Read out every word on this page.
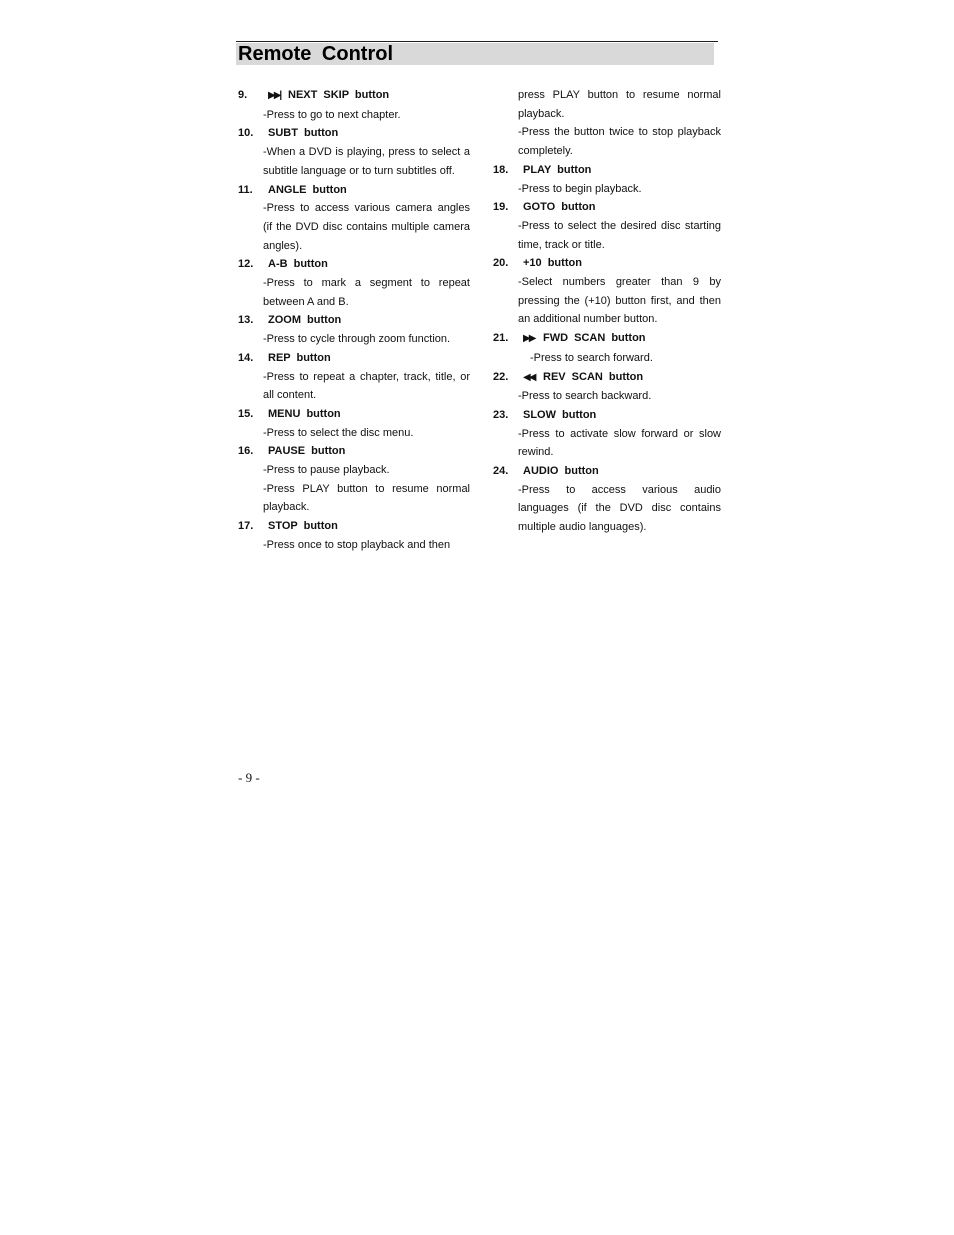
Remote Control
9. ▶▶| NEXT SKIP button
-Press to go to next chapter.
10. SUBT button
-When a DVD is playing, press to select a subtitle language or to turn subtitles off.
11. ANGLE button
-Press to access various camera angles (if the DVD disc contains multiple camera angles).
12. A-B button
-Press to mark a segment to repeat between A and B.
13. ZOOM button
-Press to cycle through zoom function.
14. REP button
-Press to repeat a chapter, track, title, or all content.
15. MENU button
-Press to select the disc menu.
16. PAUSE button
-Press to pause playback.
-Press PLAY button to resume normal playback.
17. STOP button
-Press once to stop playback and then
press PLAY button to resume normal playback.
-Press the button twice to stop playback completely.
18. PLAY button
-Press to begin playback.
19. GOTO button
-Press to select the desired disc starting time, track or title.
20. +10 button
-Select numbers greater than 9 by pressing the (+10) button first, and then an additional number button.
21. ▶▶ FWD SCAN button
-Press to search forward.
22. ◀◀ REV SCAN button
-Press to search backward.
23. SLOW button
-Press to activate slow forward or slow rewind.
24. AUDIO button
-Press to access various audio languages (if the DVD disc contains multiple audio languages).
- 9 -
